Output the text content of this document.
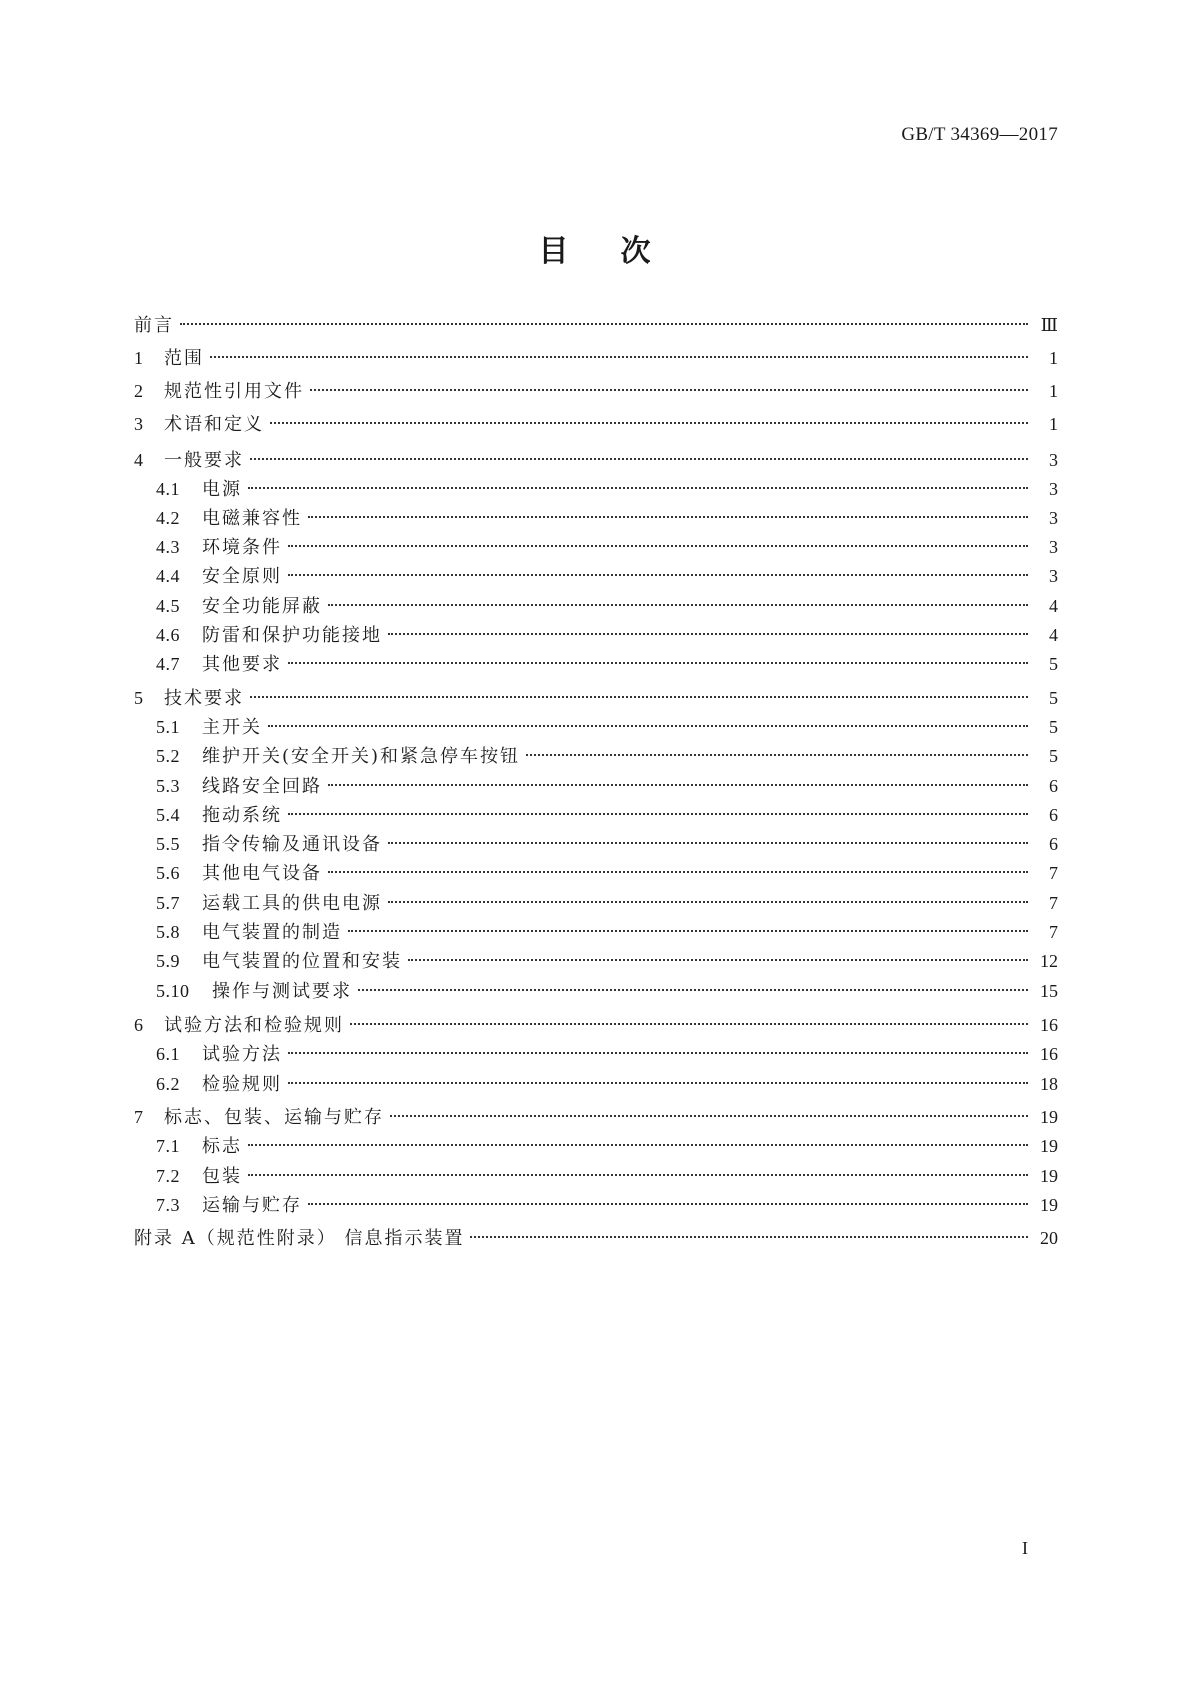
GB/T 34369—2017
目 次
前言	Ⅲ
1	范围	1
2	规范性引用文件	1
3	术语和定义	1
4	一般要求	3
4.1	电源	3
4.2	电磁兼容性	3
4.3	环境条件	3
4.4	安全原则	3
4.5	安全功能屏蔽	4
4.6	防雷和保护功能接地	4
4.7	其他要求	5
5	技术要求	5
5.1	主开关	5
5.2	维护开关(安全开关)和紧急停车按钮	5
5.3	线路安全回路	6
5.4	拖动系统	6
5.5	指令传输及通讯设备	6
5.6	其他电气设备	7
5.7	运载工具的供电电源	7
5.8	电气装置的制造	7
5.9	电气装置的位置和安装	12
5.10	操作与测试要求	15
6	试验方法和检验规则	16
6.1	试验方法	16
6.2	检验规则	18
7	标志、包装、运输与贮存	19
7.1	标志	19
7.2	包装	19
7.3	运输与贮存	19
附录 A（规范性附录） 信息指示装置	20
I
